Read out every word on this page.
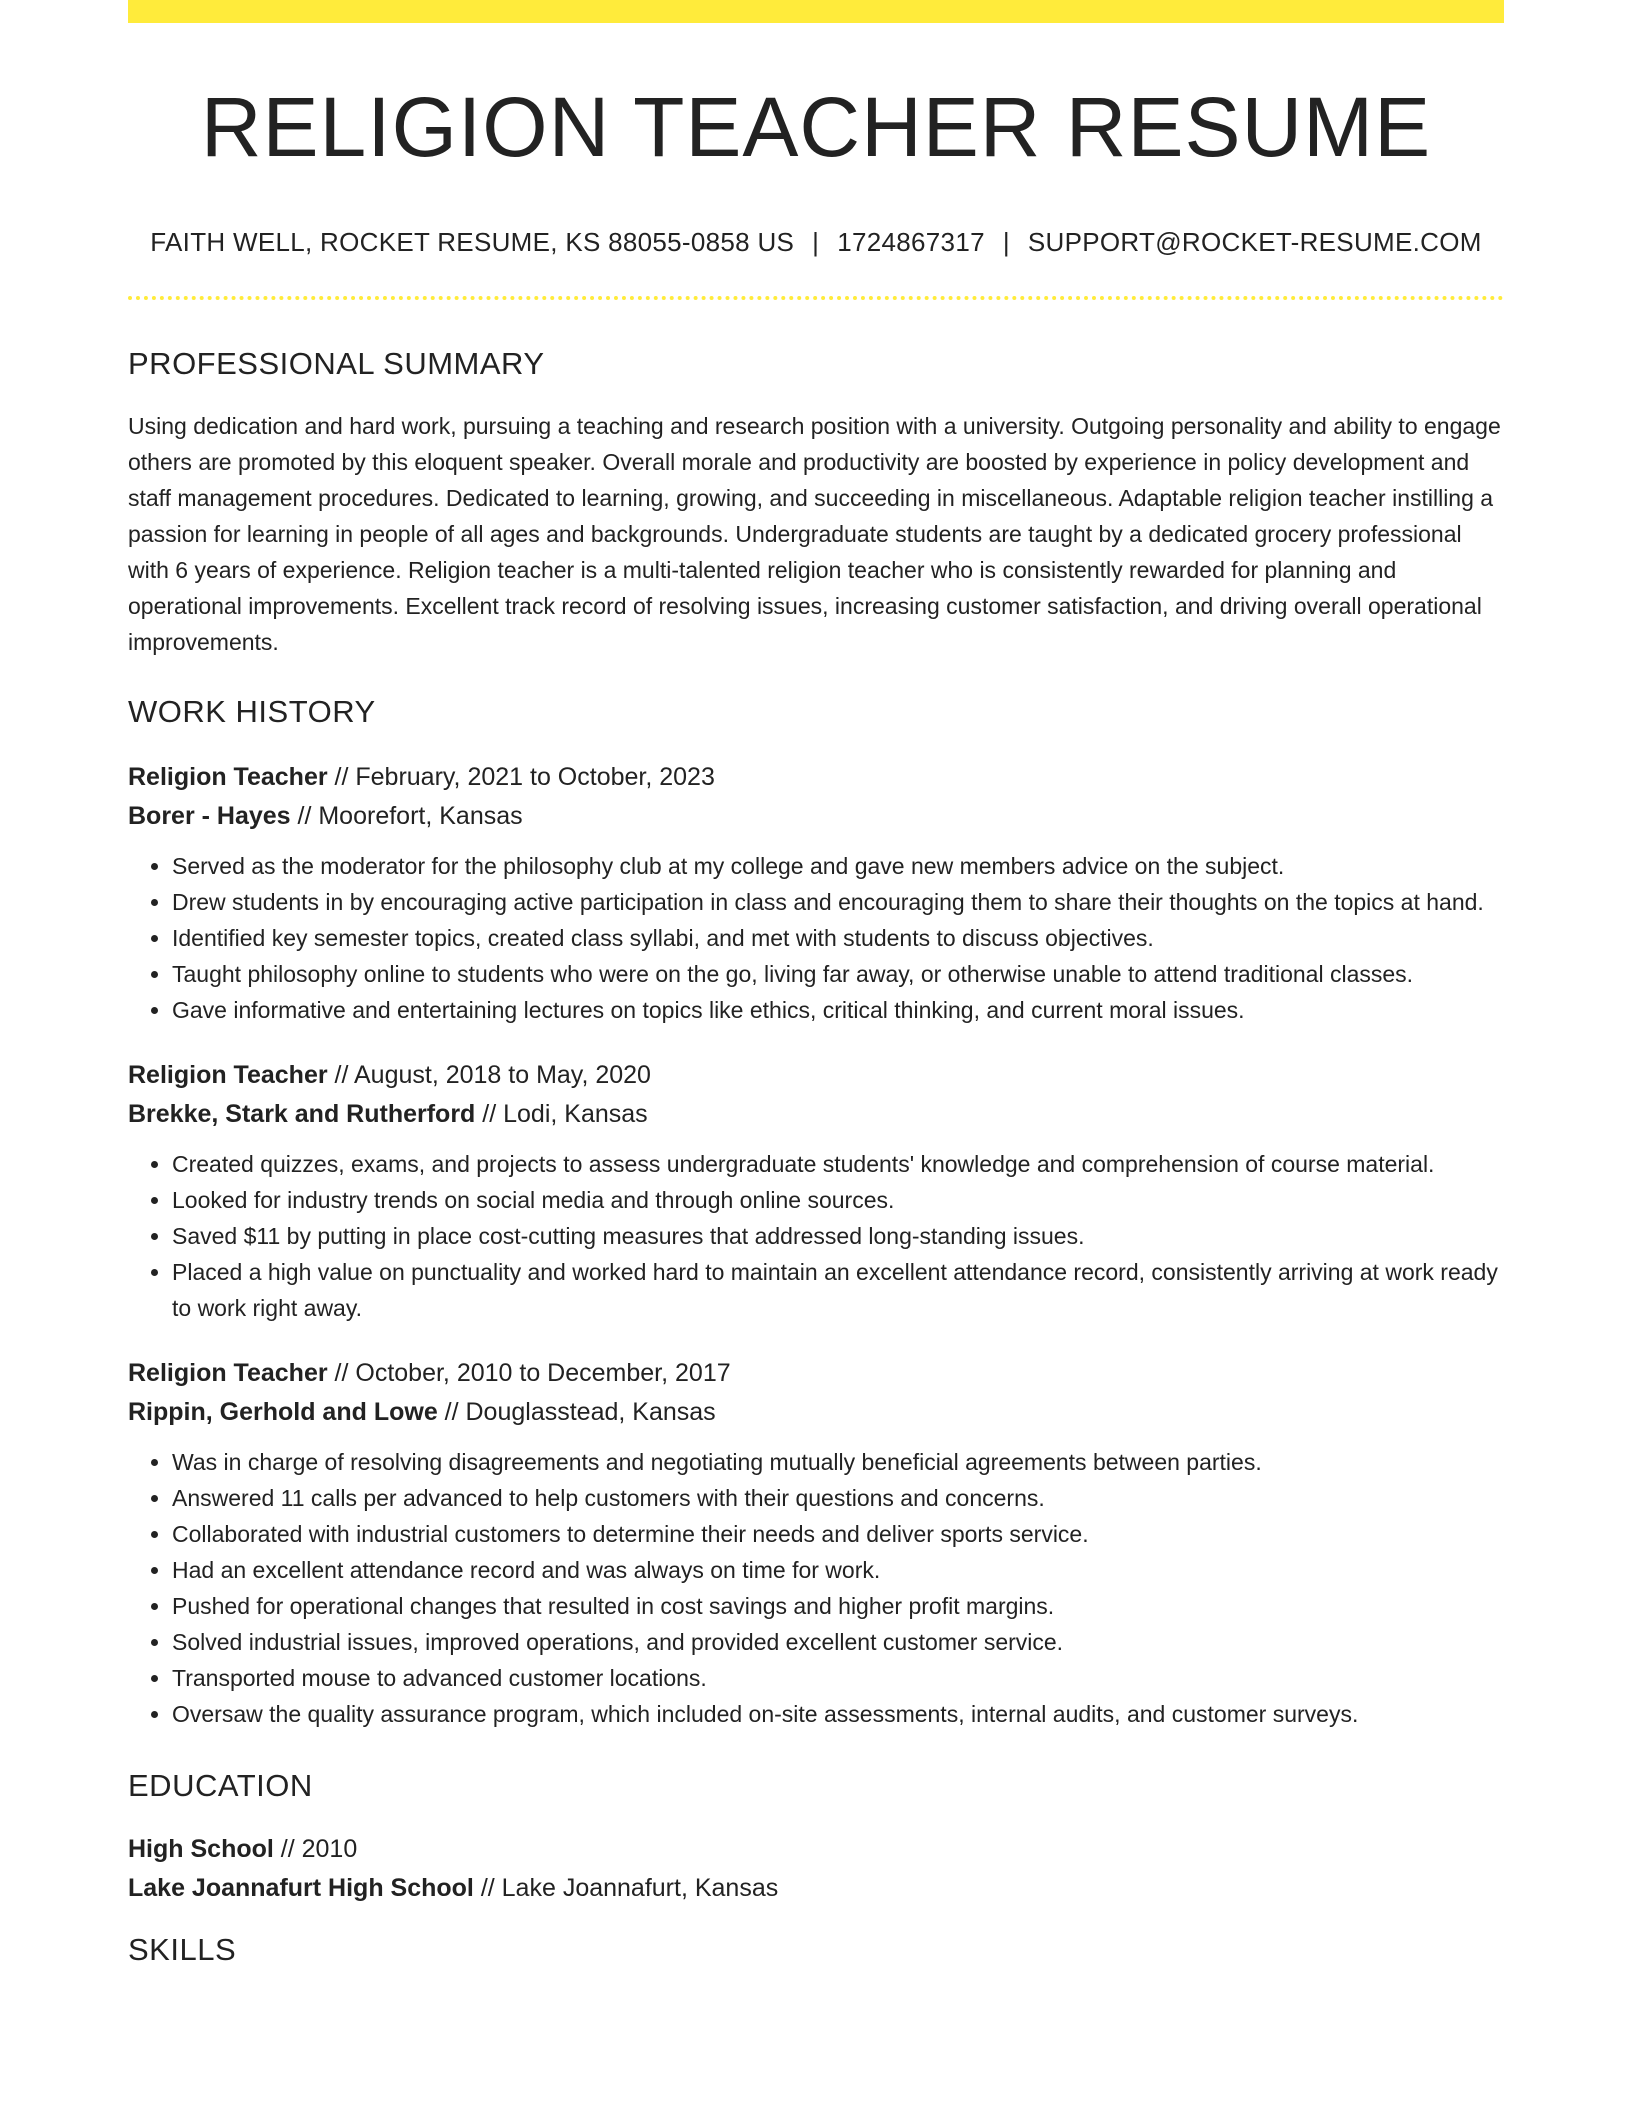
RELIGION TEACHER RESUME
FAITH WELL, ROCKET RESUME, KS 88055-0858 US | 1724867317 | SUPPORT@ROCKET-RESUME.COM
PROFESSIONAL SUMMARY
Using dedication and hard work, pursuing a teaching and research position with a university. Outgoing personality and ability to engage others are promoted by this eloquent speaker. Overall morale and productivity are boosted by experience in policy development and staff management procedures. Dedicated to learning, growing, and succeeding in miscellaneous. Adaptable religion teacher instilling a passion for learning in people of all ages and backgrounds. Undergraduate students are taught by a dedicated grocery professional with 6 years of experience. Religion teacher is a multi-talented religion teacher who is consistently rewarded for planning and operational improvements. Excellent track record of resolving issues, increasing customer satisfaction, and driving overall operational improvements.
WORK HISTORY
Religion Teacher // February, 2021 to October, 2023
Borer - Hayes // Moorefort, Kansas
• Served as the moderator for the philosophy club at my college and gave new members advice on the subject.
• Drew students in by encouraging active participation in class and encouraging them to share their thoughts on the topics at hand.
• Identified key semester topics, created class syllabi, and met with students to discuss objectives.
• Taught philosophy online to students who were on the go, living far away, or otherwise unable to attend traditional classes.
• Gave informative and entertaining lectures on topics like ethics, critical thinking, and current moral issues.
Religion Teacher // August, 2018 to May, 2020
Brekke, Stark and Rutherford // Lodi, Kansas
• Created quizzes, exams, and projects to assess undergraduate students' knowledge and comprehension of course material.
• Looked for industry trends on social media and through online sources.
• Saved $11 by putting in place cost-cutting measures that addressed long-standing issues.
• Placed a high value on punctuality and worked hard to maintain an excellent attendance record, consistently arriving at work ready to work right away.
Religion Teacher // October, 2010 to December, 2017
Rippin, Gerhold and Lowe // Douglasstead, Kansas
• Was in charge of resolving disagreements and negotiating mutually beneficial agreements between parties.
• Answered 11 calls per advanced to help customers with their questions and concerns.
• Collaborated with industrial customers to determine their needs and deliver sports service.
• Had an excellent attendance record and was always on time for work.
• Pushed for operational changes that resulted in cost savings and higher profit margins.
• Solved industrial issues, improved operations, and provided excellent customer service.
• Transported mouse to advanced customer locations.
• Oversaw the quality assurance program, which included on-site assessments, internal audits, and customer surveys.
EDUCATION
High School // 2010
Lake Joannafurt High School // Lake Joannafurt, Kansas
SKILLS
